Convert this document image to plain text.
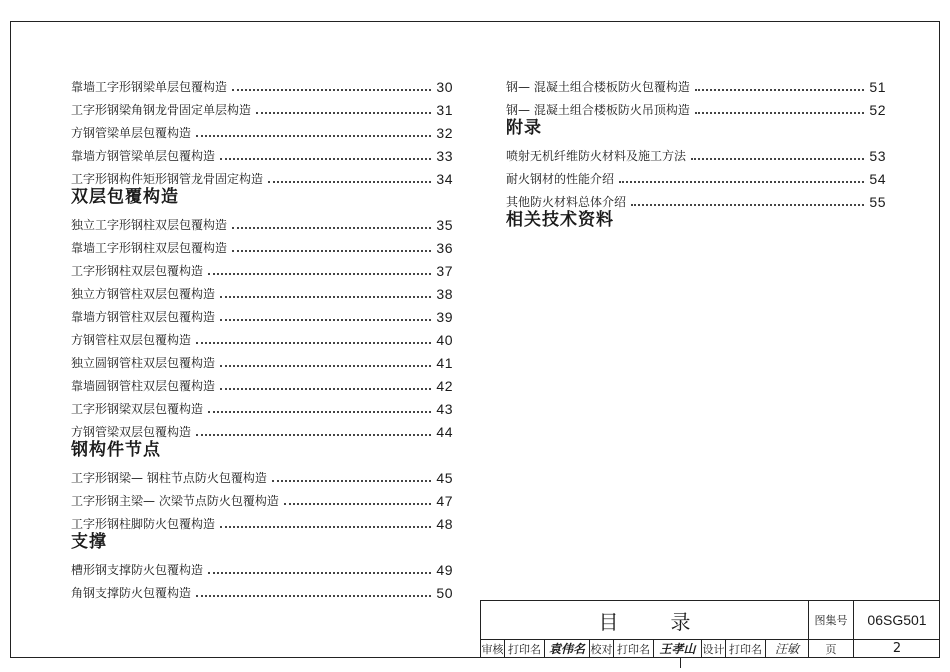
靠墙工字形钢梁单层包覆构造	30
工字形钢梁角钢龙骨固定单层构造	31
方钢管梁单层包覆构造	32
靠墙方钢管梁单层包覆构造	33
工字形钢构件矩形钢管龙骨固定构造	34
双层包覆构造
独立工字形钢柱双层包覆构造	35
靠墙工字形钢柱双层包覆构造	36
工字形钢柱双层包覆构造	37
独立方钢管柱双层包覆构造	38
靠墙方钢管柱双层包覆构造	39
方钢管柱双层包覆构造	40
独立圆钢管柱双层包覆构造	41
靠墙圆钢管柱双层包覆构造	42
工字形钢梁双层包覆构造	43
方钢管梁双层包覆构造	44
钢构件节点
工字形钢梁— 钢柱节点防火包覆构造	45
工字形钢主梁— 次梁节点防火包覆构造	47
工字形钢柱脚防火包覆构造	48
支撑
槽形钢支撑防火包覆构造	49
角钢支撑防火包覆构造	50
钢— 混凝土组合楼板防火包覆构造	51
钢— 混凝土组合楼板防火吊顶构造	52
附录
喷射无机纤维防火材料及施工方法	53
耐火钢材的性能介绍	54
其他防火材料总体介绍	55
相关技术资料
目	录	图集号	06SG501
审核 打印名 袁伟名 校对 打印名 王孝山 设计 打印名	汪敏	页	2
